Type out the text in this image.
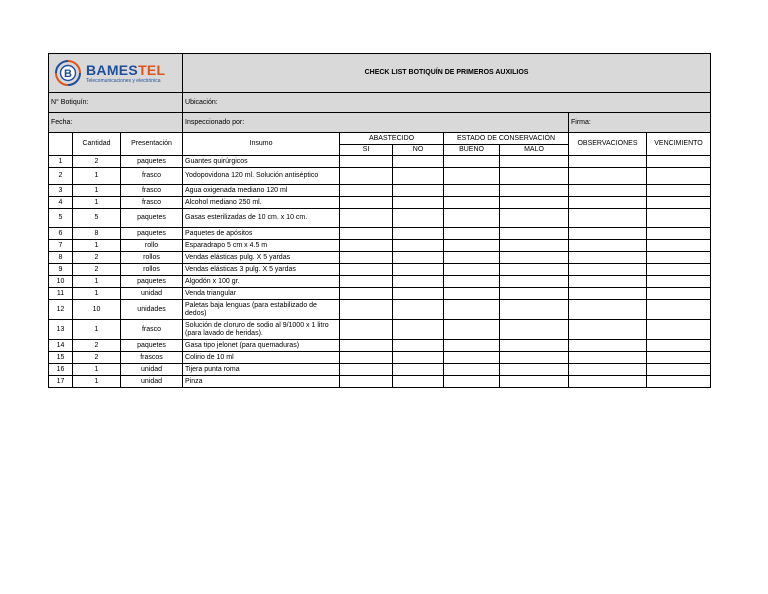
B BAMESTEL
Telecomunicaciones y electrónica			CHECK LIST BOTIQUÍN DE PRIMEROS AUXILIOS						
N° Botiquín:			Ubicación:						
Fecha:			Inspeccionado por:					Firma:	
	Cantidad	Presentación	Insumo	ABASTECIDO		ESTADO DE CONSERVACIÓN		OBSERVACIONES	VENCIMIENTO
				SI	NO	BUENO	MALO		
1	2	paquetes	Guantes quirúrgicos						
2	1	frasco	Yodopovidona 120 ml. Solución antiséptico						
3	1	frasco	Agua oxigenada mediano 120 ml						
4	1	frasco	Alcohol mediano 250 ml.						
5	5	paquetes	Gasas esterilizadas de 10 cm. x 10 cm.						
6	8	paquetes	Paquetes de apósitos						
7	1	rollo	Esparadrapo 5 cm x 4.5 m						
8	2	rollos	Vendas elásticas pulg. X 5 yardas						
9	2	rollos	Vendas elásticas 3 pulg. X 5 yardas						
10	1	paquetes	Algodón x 100 gr.						
11	1	unidad	Venda triangular						
12	10	unidades	Paletas baja lenguas (para estabilizado de dedos)						
13	1	frasco	Solución de cloruro de sodio al 9/1000 x 1 litro (para lavado de heridas).						
14	2	paquetes	Gasa tipo jelonet (para quemaduras)						
15	2	frascos	Colirio de 10 ml						
16	1	unidad	Tijera punta roma						
17	1	unidad	Pinza						
